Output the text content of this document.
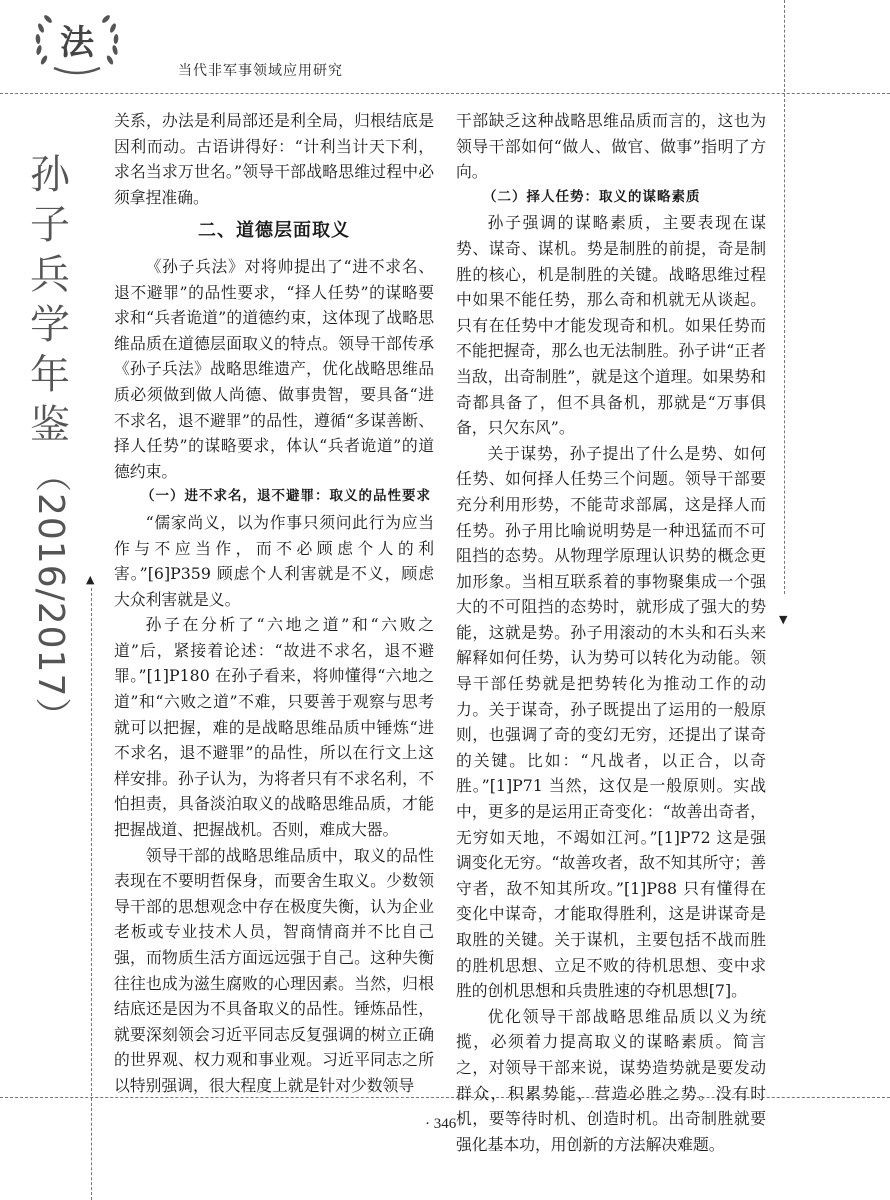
法
当代非军事领域应用研究
▲
▼
孙
子
兵
学
年
鉴
（2016/2017）

关系，办法是利局部还是利全局，归根结底是因利而动。古语讲得好：“计利当计天下利，求名当求万世名。”领导干部战略思维过程中必须拿捏准确。

二、道德层面取义

《孙子兵法》对将帅提出了“进不求名、退不避罪”的品性要求，“择人任势”的谋略要求和“兵者诡道”的道德约束，这体现了战略思维品质在道德层面取义的特点。领导干部传承《孙子兵法》战略思维遗产，优化战略思维品质必须做到做人尚德、做事贵智，要具备“进不求名，退不避罪”的品性，遵循“多谋善断、择人任势”的谋略要求，体认“兵者诡道”的道德约束。

（一）进不求名，退不避罪：取义的品性要求

“儒家尚义，以为作事只须问此行为应当作与不应当作，而不必顾虑个人的利害。”[6]P359 顾虑个人利害就是不义，顾虑大众利害就是义。

孙子在分析了“六地之道”和“六败之道”后，紧接着论述：“故进不求名，退不避罪。”[1]P180 在孙子看来，将帅懂得“六地之道”和“六败之道”不难，只要善于观察与思考就可以把握，难的是战略思维品质中锤炼“进不求名，退不避罪”的品性，所以在行文上这样安排。孙子认为，为将者只有不求名利，不怕担责，具备淡泊取义的战略思维品质，才能把握战道、把握战机。否则，难成大器。

领导干部的战略思维品质中，取义的品性表现在不要明哲保身，而要舍生取义。少数领导干部的思想观念中存在极度失衡，认为企业老板或专业技术人员，智商情商并不比自己强，而物质生活方面远远强于自己。这种失衡往往也成为滋生腐败的心理因素。当然，归根结底还是因为不具备取义的品性。锤炼品性，就要深刻领会习近平同志反复强调的树立正确的世界观、权力观和事业观。习近平同志之所以特别强调，很大程度上就是针对少数领导

干部缺乏这种战略思维品质而言的，这也为领导干部如何“做人、做官、做事”指明了方向。

（二）择人任势：取义的谋略素质

孙子强调的谋略素质，主要表现在谋势、谋奇、谋机。势是制胜的前提，奇是制胜的核心，机是制胜的关键。战略思维过程中如果不能任势，那么奇和机就无从谈起。只有在任势中才能发现奇和机。如果任势而不能把握奇，那么也无法制胜。孙子讲“正者当敌，出奇制胜”，就是这个道理。如果势和奇都具备了，但不具备机，那就是“万事俱备，只欠东风”。

关于谋势，孙子提出了什么是势、如何任势、如何择人任势三个问题。领导干部要充分利用形势，不能苛求部属，这是择人而任势。孙子用比喻说明势是一种迅猛而不可阻挡的态势。从物理学原理认识势的概念更加形象。当相互联系着的事物聚集成一个强大的不可阻挡的态势时，就形成了强大的势能，这就是势。孙子用滚动的木头和石头来解释如何任势，认为势可以转化为动能。领导干部任势就是把势转化为推动工作的动力。关于谋奇，孙子既提出了运用的一般原则，也强调了奇的变幻无穷，还提出了谋奇的关键。比如：“凡战者，以正合，以奇胜。”[1]P71 当然，这仅是一般原则。实战中，更多的是运用正奇变化：“故善出奇者，无穷如天地，不竭如江河。”[1]P72 这是强调变化无穷。“故善攻者，敌不知其所守；善守者，敌不知其所攻。”[1]P88 只有懂得在变化中谋奇，才能取得胜利，这是讲谋奇是取胜的关键。关于谋机，主要包括不战而胜的胜机思想、立足不败的待机思想、变中求胜的创机思想和兵贵胜速的夺机思想[7]。

优化领导干部战略思维品质以义为统揽，必须着力提高取义的谋略素质。简言之，对领导干部来说，谋势造势就是要发动群众，积累势能，营造必胜之势。没有时机，要等待时机、创造时机。出奇制胜就要强化基本功，用创新的方法解决难题。

· 346 ·
